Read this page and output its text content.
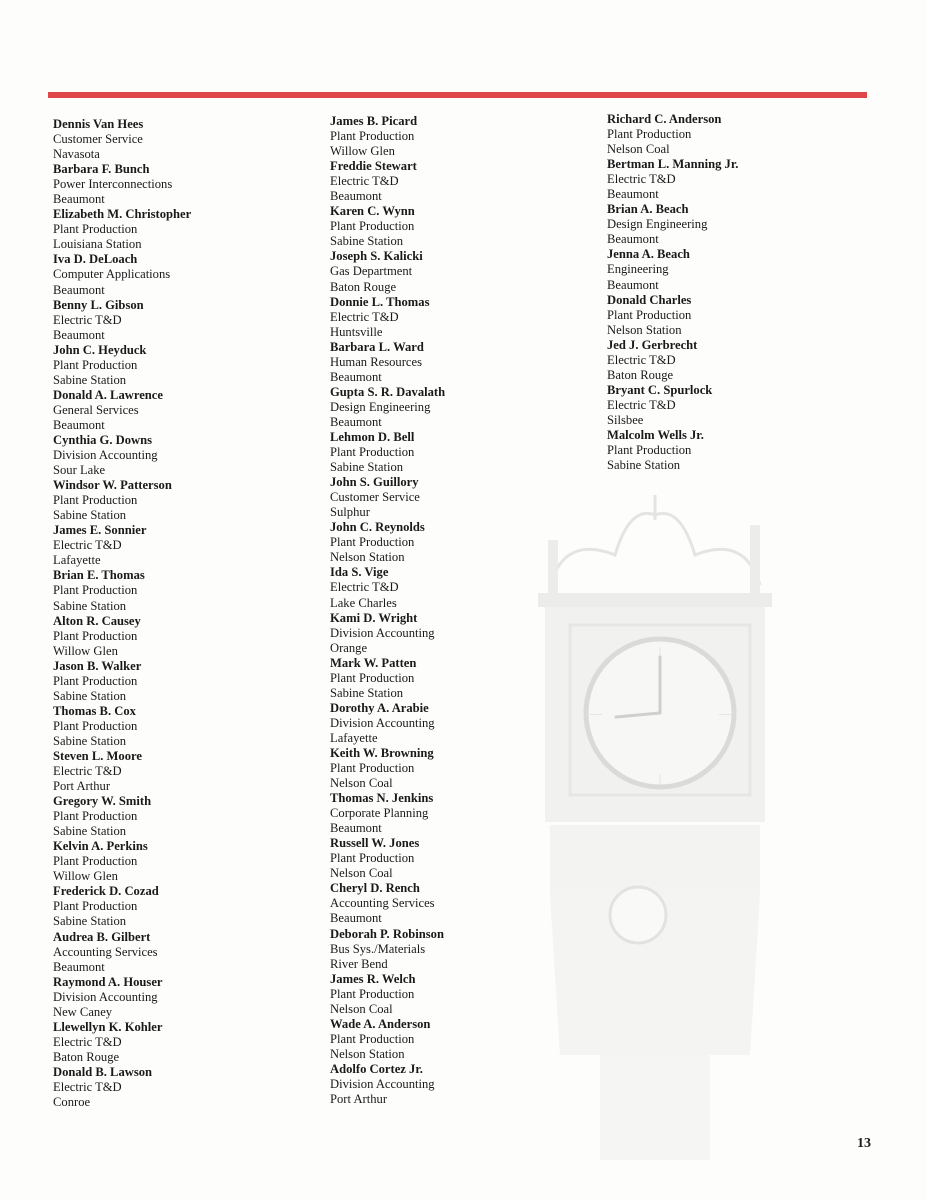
|
|
—	—
Dennis Van Hees
Customer Service
Navasota
Barbara F. Bunch
Power Interconnections
Beaumont
Elizabeth M. Christopher
Plant Production
Louisiana Station
Iva D. DeLoach
Computer Applications
Beaumont
Benny L. Gibson
Electric T&D
Beaumont
John C. Heyduck
Plant Production
Sabine Station
Donald A. Lawrence
General Services
Beaumont
Cynthia G. Downs
Division Accounting
Sour Lake
Windsor W. Patterson
Plant Production
Sabine Station
James E. Sonnier
Electric T&D
Lafayette
Brian E. Thomas
Plant Production
Sabine Station
Alton R. Causey
Plant Production
Willow Glen
Jason B. Walker
Plant Production
Sabine Station
Thomas B. Cox
Plant Production
Sabine Station
Steven L. Moore
Electric T&D
Port Arthur
Gregory W. Smith
Plant Production
Sabine Station
Kelvin A. Perkins
Plant Production
Willow Glen
Frederick D. Cozad
Plant Production
Sabine Station
Audrea B. Gilbert
Accounting Services
Beaumont
Raymond A. Houser
Division Accounting
New Caney
Llewellyn K. Kohler
Electric T&D
Baton Rouge
Donald B. Lawson
Electric T&D
Conroe
James B. Picard
Plant Production
Willow Glen
Freddie Stewart
Electric T&D
Beaumont
Karen C. Wynn
Plant Production
Sabine Station
Joseph S. Kalicki
Gas Department
Baton Rouge
Donnie L. Thomas
Electric T&D
Huntsville
Barbara L. Ward
Human Resources
Beaumont
Gupta S. R. Davalath
Design Engineering
Beaumont
Lehmon D. Bell
Plant Production
Sabine Station
John S. Guillory
Customer Service
Sulphur
John C. Reynolds
Plant Production
Nelson Station
Ida S. Vige
Electric T&D
Lake Charles
Kami D. Wright
Division Accounting
Orange
Mark W. Patten
Plant Production
Sabine Station
Dorothy A. Arabie
Division Accounting
Lafayette
Keith W. Browning
Plant Production
Nelson Coal
Thomas N. Jenkins
Corporate Planning
Beaumont
Russell W. Jones
Plant Production
Nelson Coal
Cheryl D. Rench
Accounting Services
Beaumont
Deborah P. Robinson
Bus Sys./Materials
River Bend
James R. Welch
Plant Production
Nelson Coal
Wade A. Anderson
Plant Production
Nelson Station
Adolfo Cortez Jr.
Division Accounting
Port Arthur
Richard C. Anderson
Plant Production
Nelson Coal
Bertman L. Manning Jr.
Electric T&D
Beaumont
Brian A. Beach
Design Engineering
Beaumont
Jenna A. Beach
Engineering
Beaumont
Donald Charles
Plant Production
Nelson Station
Jed J. Gerbrecht
Electric T&D
Baton Rouge
Bryant C. Spurlock
Electric T&D
Silsbee
Malcolm Wells Jr.
Plant Production
Sabine Station
13
